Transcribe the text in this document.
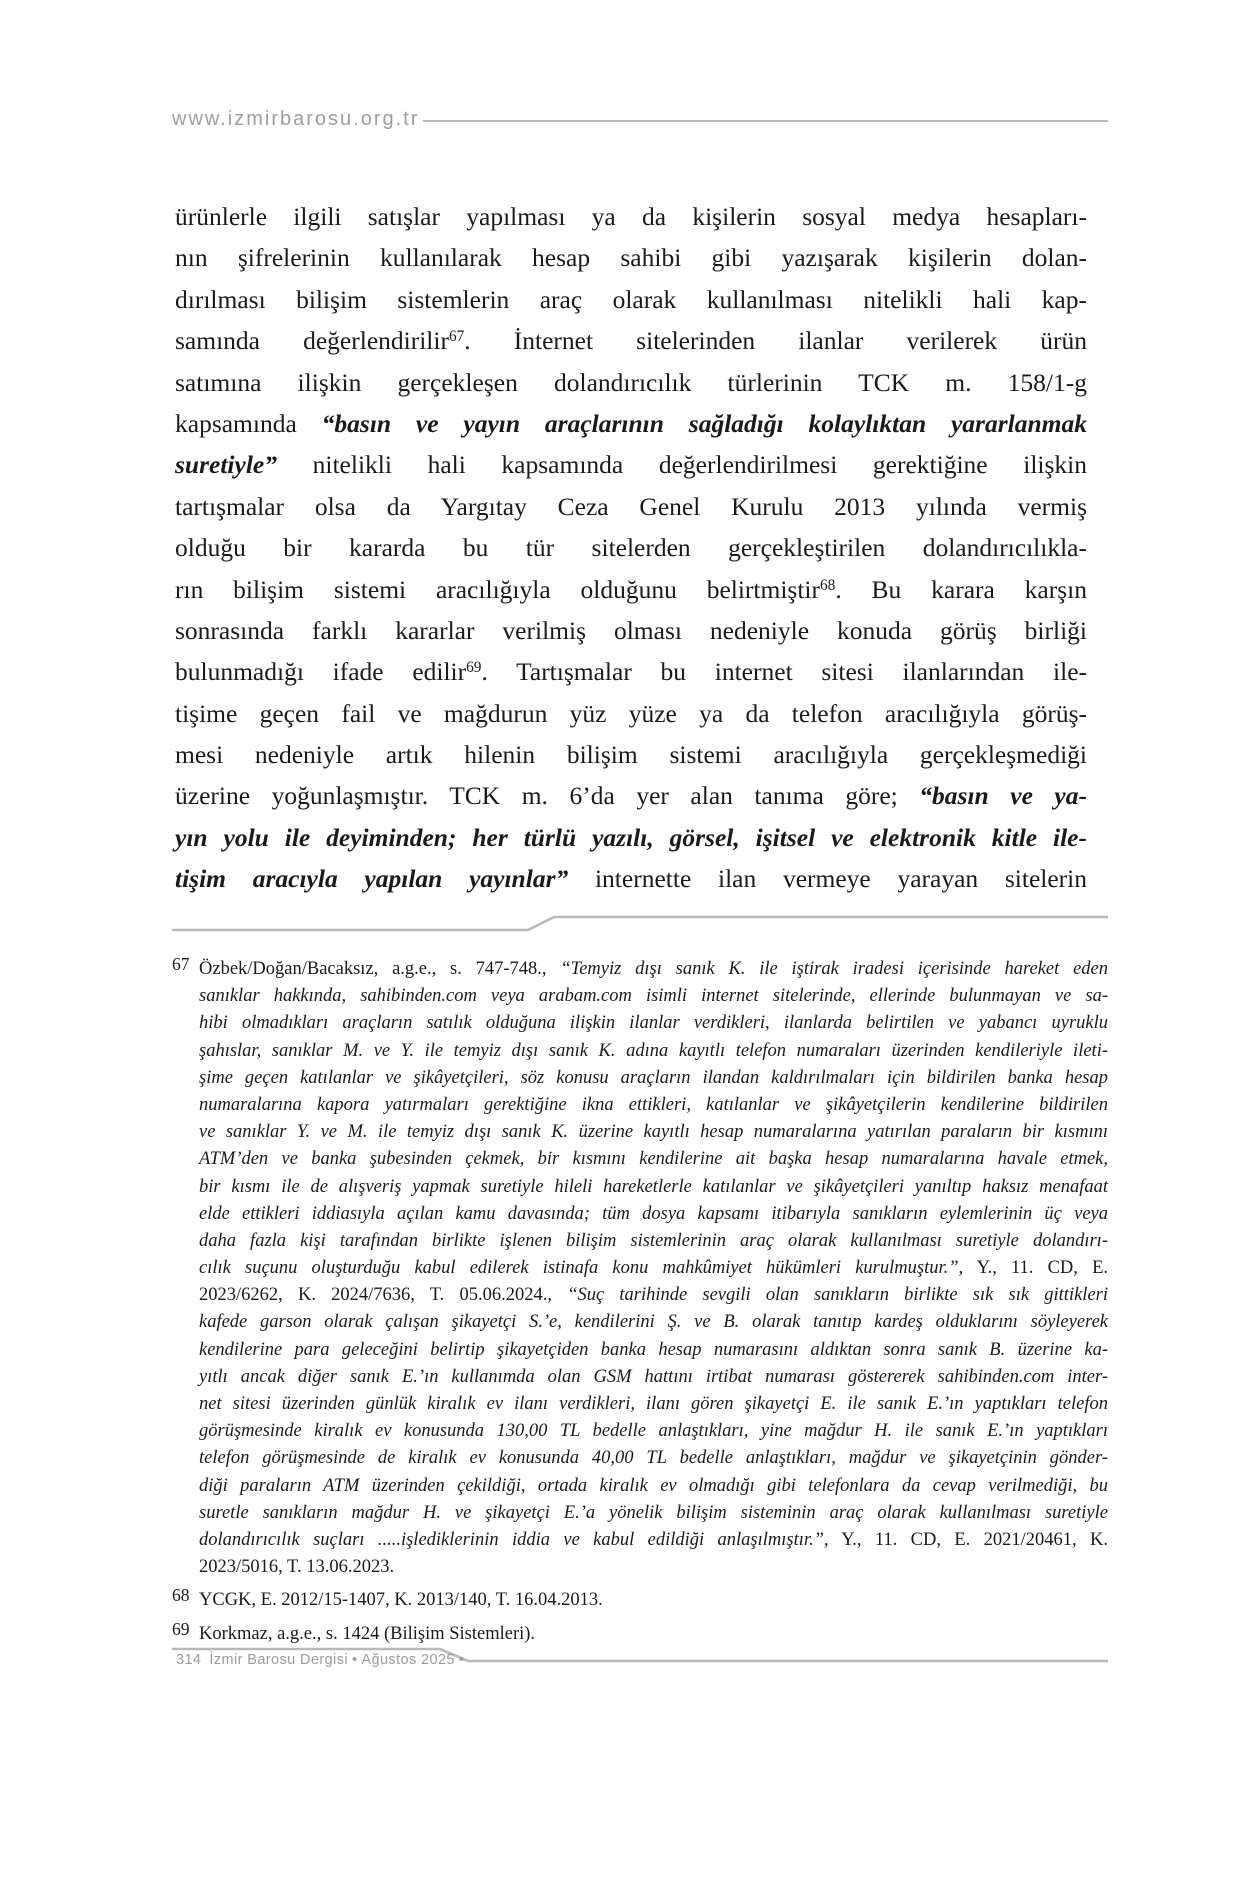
www.izmirbarosu.org.tr
ürünlerle ilgili satışlar yapılması ya da kişilerin sosyal medya hesapları-
nın şifrelerinin kullanılarak hesap sahibi gibi yazışarak kişilerin dolan-
dırılması bilişim sistemlerin araç olarak kullanılması nitelikli hali kap-
samında değerlendirilir$^{67}$. İnternet sitelerinden ilanlar verilerek ürün
satımına ilişkin gerçekleşen dolandırıcılık türlerinin TCK m. 158/1-g
kapsamında “basın ve yayın araçlarının sağladığı kolaylıktan yararlanmak
suretiyle” nitelikli hali kapsamında değerlendirilmesi gerektiğine ilişkin
tartışmalar olsa da Yargıtay Ceza Genel Kurulu 2013 yılında vermiş
olduğu bir kararda bu tür sitelerden gerçekleştirilen dolandırıcılıkla-
rın bilişim sistemi aracılığıyla olduğunu belirtmiştir$^{68}$. Bu karara karşın
sonrasında farklı kararlar verilmiş olması nedeniyle konuda görüş birliği
bulunmadığı ifade edilir$^{69}$. Tartışmalar bu internet sitesi ilanlarından ile-
tişime geçen fail ve mağdurun yüz yüze ya da telefon aracılığıyla görüş-
mesi nedeniyle artık hilenin bilişim sistemi aracılığıyla gerçekleşmediği
üzerine yoğunlaşmıştır. TCK m. 6’da yer alan tanıma göre; “basın ve ya-
yın yolu ile deyiminden; her türlü yazılı, görsel, işitsel ve elektronik kitle ile-
tişim aracıyla yapılan yayınlar” internette ilan vermeye yarayan sitelerin
67 Özbek/Doğan/Bacaksız, a.g.e., s. 747-748., “Temyiz dışı sanık K. ile iştirak iradesi içerisinde hareket eden
sanıklar hakkında, sahibinden.com veya arabam.com isimli internet sitelerinde, ellerinde bulunmayan ve sa-
hibi olmadıkları araçların satılık olduğuna ilişkin ilanlar verdikleri, ilanlarda belirtilen ve yabancı uyruklu
şahıslar, sanıklar M. ve Y. ile temyiz dışı sanık K. adına kayıtlı telefon numaraları üzerinden kendileriyle ileti-
şime geçen katılanlar ve şikâyetçileri, söz konusu araçların ilandan kaldırılmaları için bildirilen banka hesap
numaralarına kapora yatırmaları gerektiğine ikna ettikleri, katılanlar ve şikâyetçilerin kendilerine bildirilen
ve sanıklar Y. ve M. ile temyiz dışı sanık K. üzerine kayıtlı hesap numaralarına yatırılan paraların bir kısmını
ATM’den ve banka şubesinden çekmek, bir kısmını kendilerine ait başka hesap numaralarına havale etmek,
bir kısmı ile de alışveriş yapmak suretiyle hileli hareketlerle katılanlar ve şikâyetçileri yanıltıp haksız menafaat
elde ettikleri iddiasıyla açılan kamu davasında; tüm dosya kapsamı itibarıyla sanıkların eylemlerinin üç veya
daha fazla kişi tarafından birlikte işlenen bilişim sistemlerinin araç olarak kullanılması suretiyle dolandırı-
cılık suçunu oluşturduğu kabul edilerek istinafa konu mahkûmiyet hükümleri kurulmuştur.”, Y., 11. CD, E.
2023/6262, K. 2024/7636, T. 05.06.2024., “Suç tarihinde sevgili olan sanıkların birlikte sık sık gittikleri
kafede garson olarak çalışan şikayetçi S.’e, kendilerini Ş. ve B. olarak tanıtıp kardeş olduklarını söyleyerek
kendilerine para geleceğini belirtip şikayetçiden banka hesap numarasını aldıktan sonra sanık B. üzerine ka-
yıtlı ancak diğer sanık E.’ın kullanımda olan GSM hattını irtibat numarası göstererek sahibinden.com inter-
net sitesi üzerinden günlük kiralık ev ilanı verdikleri, ilanı gören şikayetçi E. ile sanık E.’ın yaptıkları telefon
görüşmesinde kiralık ev konusunda 130,00 TL bedelle anlaştıkları, yine mağdur H. ile sanık E.’ın yaptıkları
telefon görüşmesinde de kiralık ev konusunda 40,00 TL bedelle anlaştıkları, mağdur ve şikayetçinin gönder-
diği paraların ATM üzerinden çekildiği, ortada kiralık ev olmadığı gibi telefonlara da cevap verilmediği, bu
suretle sanıkların mağdur H. ve şikayetçi E.’a yönelik bilişim sisteminin araç olarak kullanılması suretiyle
dolandırıcılık suçları .....işlediklerinin iddia ve kabul edildiği anlaşılmıştır.”, Y., 11. CD, E. 2021/20461, K.
2023/5016, T. 13.06.2023.
68 YCGK, E. 2012/15-1407, K. 2013/140, T. 16.04.2013.
69 Korkmaz, a.g.e., s. 1424 (Bilişim Sistemleri).
314 İzmir Barosu Dergisi • Ağustos 2025 •
